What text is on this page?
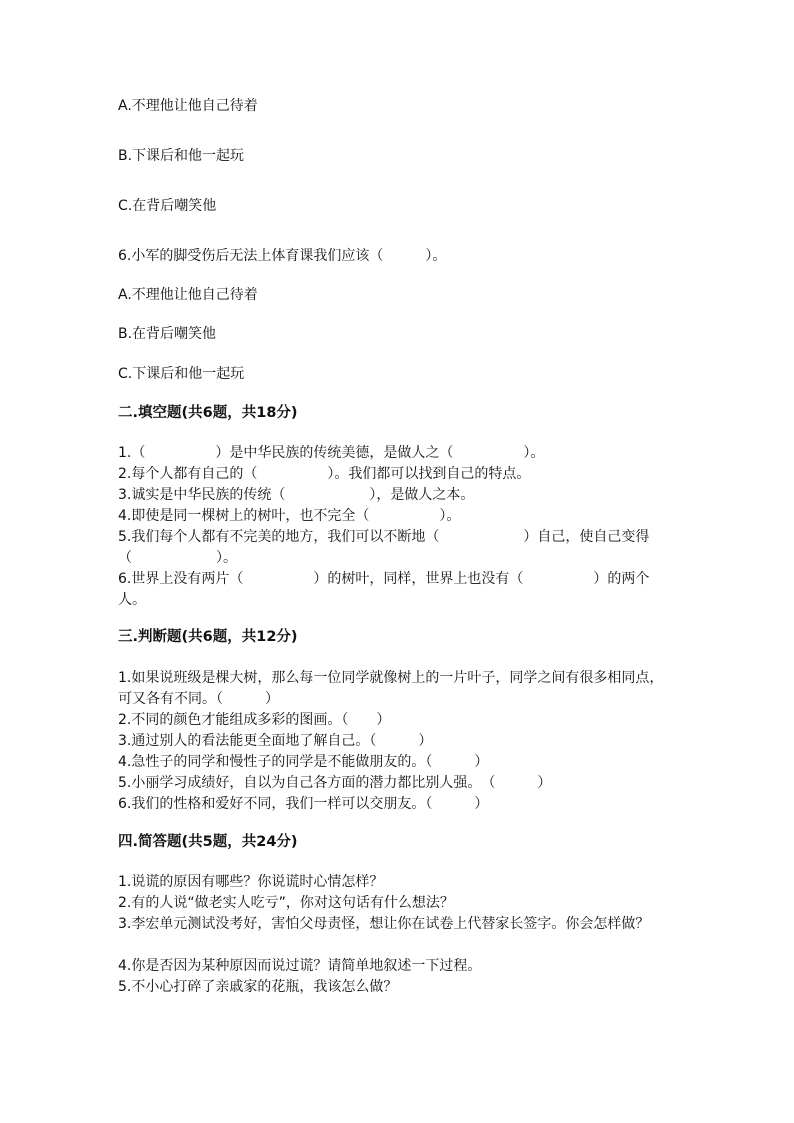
A.不理他让他自己待着
B.下课后和他一起玩
C.在背后嘲笑他
6.小军的脚受伤后无法上体育课我们应该（　　　）。
A.不理他让他自己待着
B.在背后嘲笑他
C.下课后和他一起玩
二.填空题(共6题，共18分)
1.（　　　　　）是中华民族的传统美德，是做人之（　　　　　）。
2.每个人都有自己的（　　　　　）。我们都可以找到自己的特点。
3.诚实是中华民族的传统（　　　　　　），是做人之本。
4.即使是同一棵树上的树叶，也不完全（　　　　　）。
5.我们每个人都有不完美的地方，我们可以不断地（　　　　　　）自己，使自己变得（　　　　　　）。
6.世界上没有两片（　　　　　）的树叶，同样，世界上也没有（　　　　　）的两个人。
三.判断题(共6题，共12分)
1.如果说班级是棵大树，那么每一位同学就像树上的一片叶子，同学之间有很多相同点，可又各有不同。（　　　）
2.不同的颜色才能组成多彩的图画。（　　）
3.通过别人的看法能更全面地了解自己。（　　　）
4.急性子的同学和慢性子的同学是不能做朋友的。（　　　）
5.小丽学习成绩好，自以为自己各方面的潜力都比别人强。　（　　　）
6.我们的性格和爱好不同，我们一样可以交朋友。（　　　）
四.简答题(共5题，共24分)
1.说谎的原因有哪些？你说谎时心情怎样？
2.有的人说“做老实人吃亏”，你对这句话有什么想法？
3.李宏单元测试没考好，害怕父母责怪，想让你在试卷上代替家长签字。你会怎样做？
4.你是否因为某种原因而说过谎？请简单地叙述一下过程。
5.不小心打碎了亲戚家的花瓶，我该怎么做？
